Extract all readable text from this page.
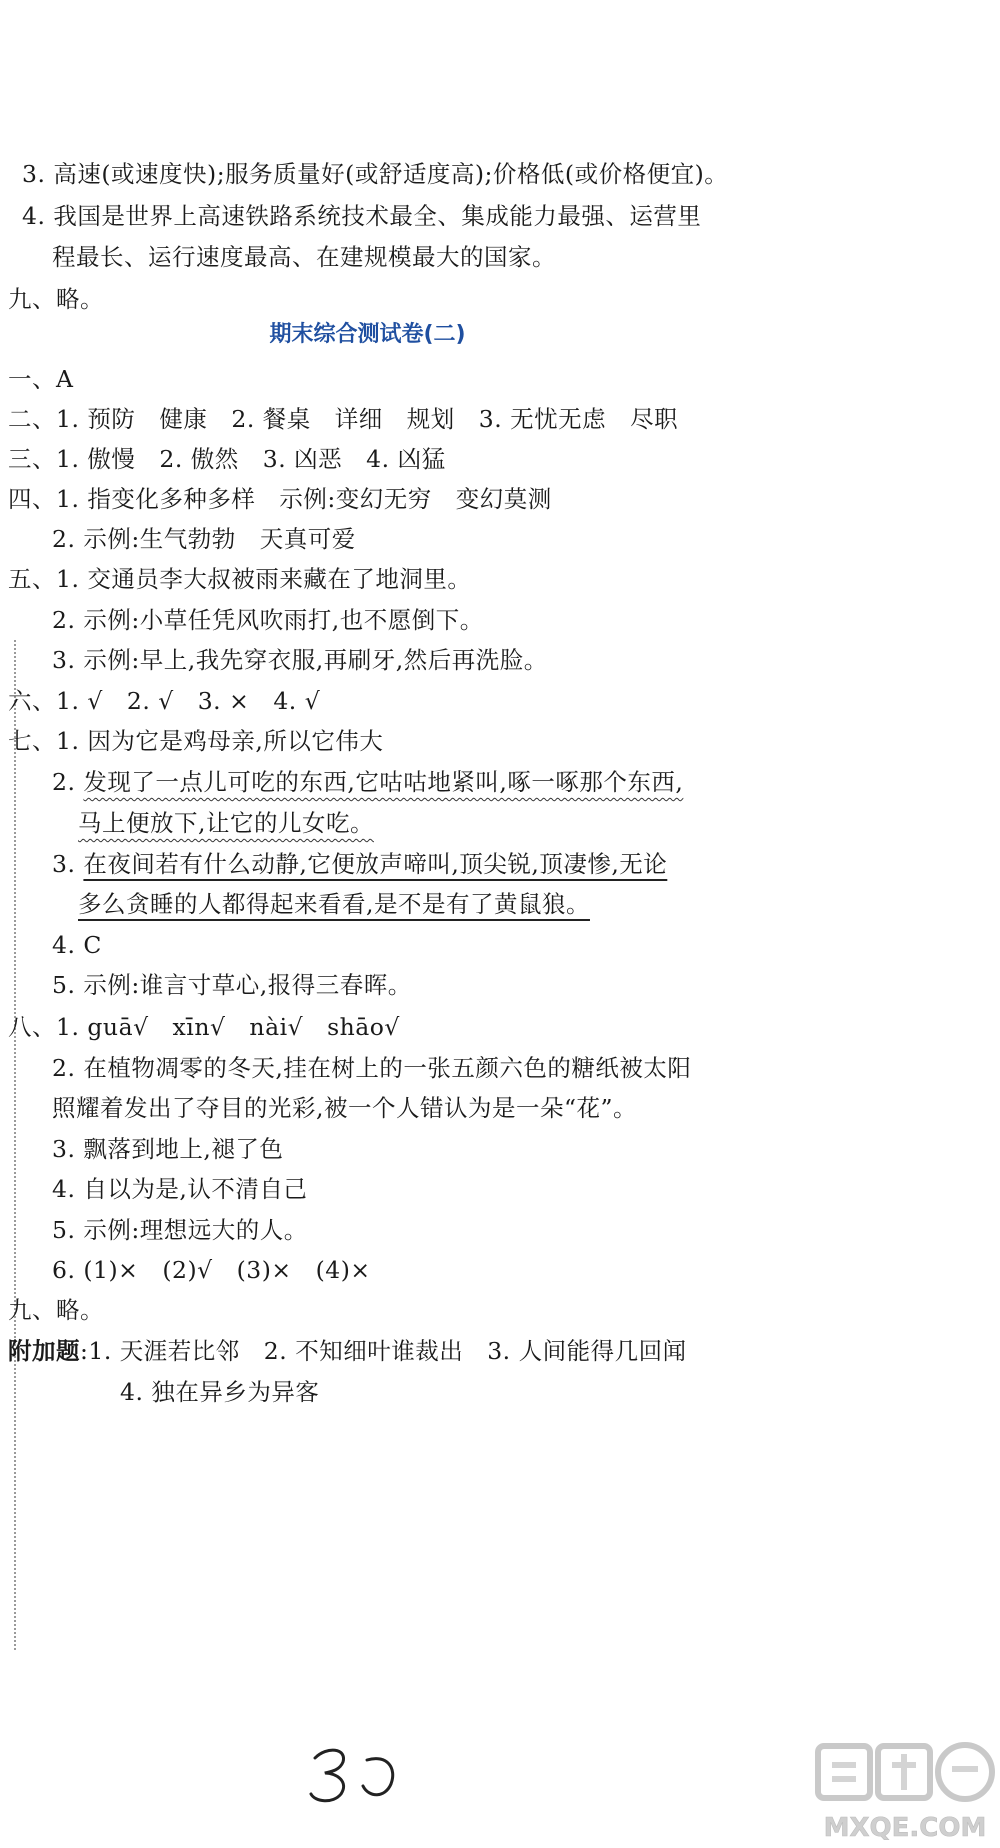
3. 高速(或速度快);服务质量好(或舒适度高);价格低(或价格便宜)。
4. 我国是世界上高速铁路系统技术最全、集成能力最强、运营里
程最长、运行速度最高、在建规模最大的国家。
九、略。
期末综合测试卷(二)
一、A
二、1. 预防　健康　2. 餐桌　详细　规划　3. 无忧无虑　尽职
三、1. 傲慢　2. 傲然　3. 凶恶　4. 凶猛
四、1. 指变化多种多样　示例:变幻无穷　变幻莫测
2. 示例:生气勃勃　天真可爱
五、1. 交通员李大叔被雨来藏在了地洞里。
2. 示例:小草任凭风吹雨打,也不愿倒下。
3. 示例:早上,我先穿衣服,再刷牙,然后再洗脸。
六、1. √　2. √　3. ×　4. √
七、1. 因为它是鸡母亲,所以它伟大
2. 发现了一点儿可吃的东西,它咕咕地紧叫,啄一啄那个东西,
马上便放下,让它的儿女吃。
3. 在夜间若有什么动静,它便放声啼叫,顶尖锐,顶凄惨,无论
多么贪睡的人都得起来看看,是不是有了黄鼠狼。
4. C
5. 示例:谁言寸草心,报得三春晖。
八、1. guā√　xīn√　nài√　shāo√
2. 在植物凋零的冬天,挂在树上的一张五颜六色的糖纸被太阳
照耀着发出了夺目的光彩,被一个人错认为是一朵“花”。
3. 飘落到地上,褪了色
4. 自以为是,认不清自己
5. 示例:理想远大的人。
6. (1)×　(2)√　(3)×　(4)×
九、略。
附加题:1. 天涯若比邻　2. 不知细叶谁裁出　3. 人间能得几回闻
4. 独在异乡为异客
MXQE.COM
